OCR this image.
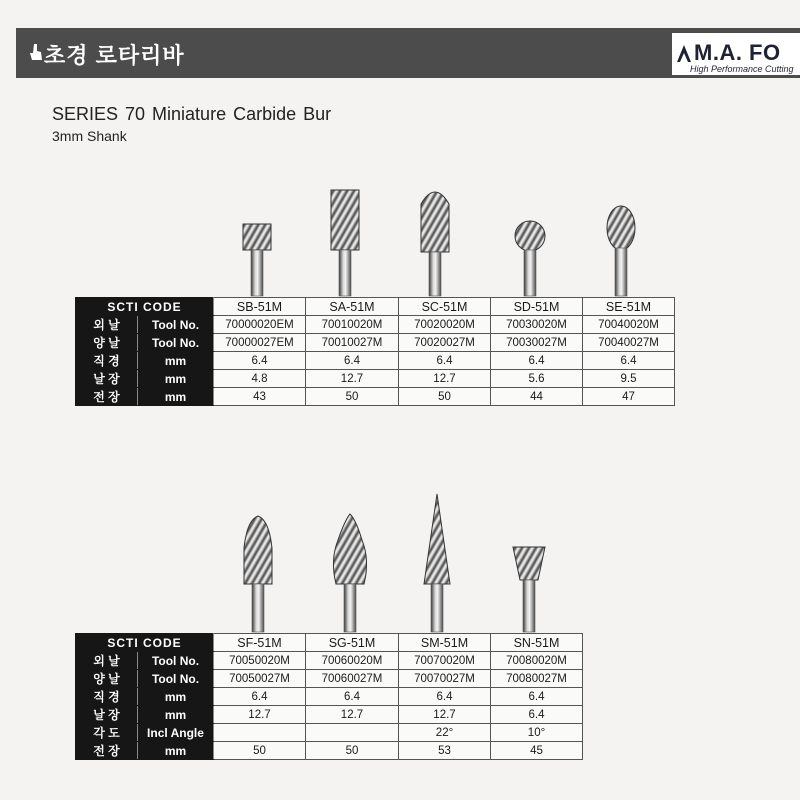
초경 로타리바	M.A. FO
High Performance Cutting
SERIES 70 Miniature Carbide Bur
3mm Shank
SCTI CODE		SB-51M	SA-51M	SC-51M	SD-51M	SE-51M
외 날	Tool No.	70000020EM	70010020M	70020020M	70030020M	70040020M
양 날	Tool No.	70000027EM	70010027M	70020027M	70030027M	70040027M
직 경	mm	6.4	6.4	6.4	6.4	6.4
날 장	mm	4.8	12.7	12.7	5.6	9.5
전 장	mm	43	50	50	44	47
SCTI CODE		SF-51M	SG-51M	SM-51M	SN-51M
외 날	Tool No.	70050020M	70060020M	70070020M	70080020M
양 날	Tool No.	70050027M	70060027M	70070027M	70080027M
직 경	mm	6.4	6.4	6.4	6.4
날 장	mm	12.7	12.7	12.7	6.4
각 도	Incl Angle			22°	10°
전 장	mm	50	50	53	45
